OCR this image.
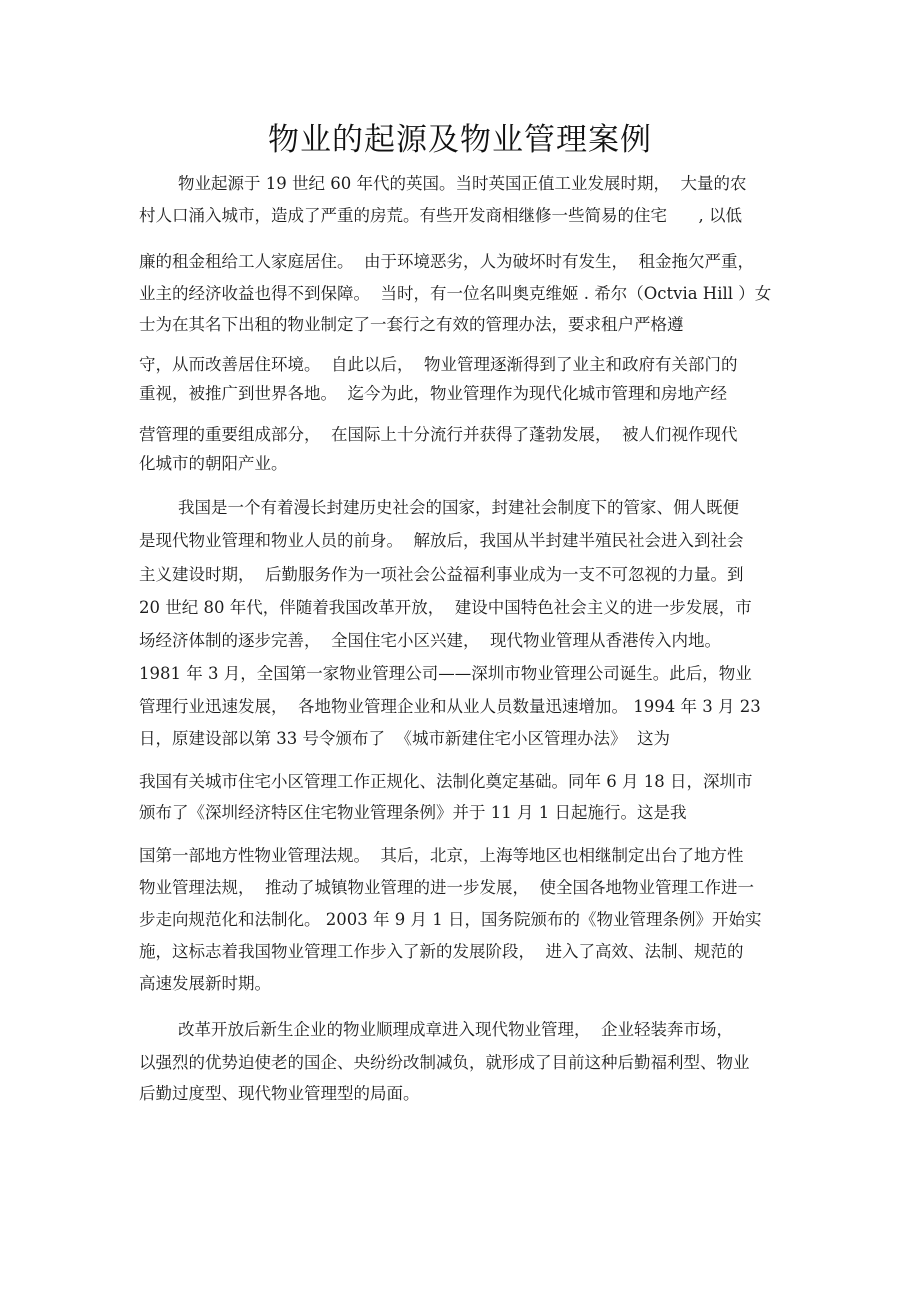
物业的起源及物业管理案例
物业起源于 19 世纪 60 年代的英国。当时英国正值工业发展时期，  大量的农
村人口涌入城市，造成了严重的房荒。有些开发商相继修一些简易的住宅      , 以低
廉的租金租给工人家庭居住。  由于环境恶劣，人为破坏时有发生，  租金拖欠严重，
业主的经济收益也得不到保障。  当时，有一位名叫奥克维姬 . 希尔（Octvia Hill ）女
士为在其名下出租的物业制定了一套行之有效的管理办法，要求租户严格遵
守，从而改善居住环境。  自此以后，  物业管理逐渐得到了业主和政府有关部门的
重视，被推广到世界各地。  迄今为此，物业管理作为现代化城市管理和房地产经
营管理的重要组成部分，  在国际上十分流行并获得了蓬勃发展，  被人们视作现代
化城市的朝阳产业。
我国是一个有着漫长封建历史社会的国家，封建社会制度下的管家、佣人既便
是现代物业管理和物业人员的前身。  解放后，我国从半封建半殖民社会进入到社会
主义建设时期，  后勤服务作为一项社会公益福利事业成为一支不可忽视的力量。到
20 世纪 80 年代，伴随着我国改革开放，  建设中国特色社会主义的进一步发展，市
场经济体制的逐步完善，  全国住宅小区兴建，  现代物业管理从香港传入内地。
1981 年 3 月，全国第一家物业管理公司——深圳市物业管理公司诞生。此后，物业
管理行业迅速发展，  各地物业管理企业和从业人员数量迅速增加。 1994 年 3 月 23
日，原建设部以第 33 号令颁布了  《城市新建住宅小区管理办法》  这为
我国有关城市住宅小区管理工作正规化、法制化奠定基础。同年 6 月 18 日，深圳市
颁布了《深圳经济特区住宅物业管理条例》并于 11 月 1 日起施行。这是我
国第一部地方性物业管理法规。  其后，北京，上海等地区也相继制定出台了地方性
物业管理法规，  推动了城镇物业管理的进一步发展，  使全国各地物业管理工作进一
步走向规范化和法制化。 2003 年 9 月 1 日，国务院颁布的《物业管理条例》开始实
施，这标志着我国物业管理工作步入了新的发展阶段，  进入了高效、法制、规范的
高速发展新时期。
改革开放后新生企业的物业顺理成章进入现代物业管理，  企业轻装奔市场，
以强烈的优势迫使老的国企、央纷纷改制减负，就形成了目前这种后勤福利型、物业
后勤过度型、现代物业管理型的局面。
